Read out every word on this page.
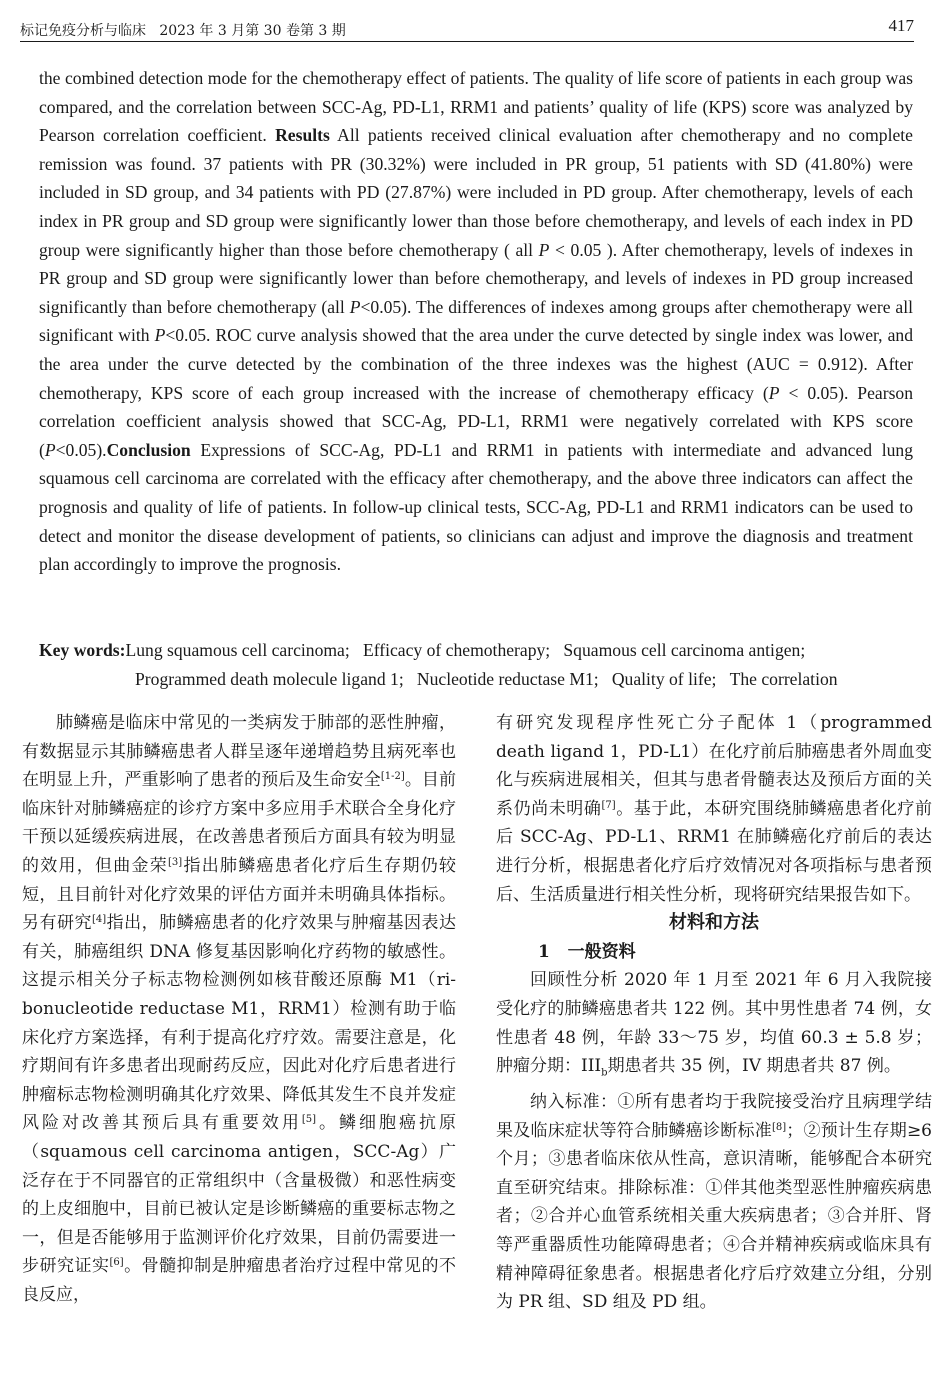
标记免疫分析与临床   2023 年 3 月第 30 卷第 3 期	417
the combined detection mode for the chemotherapy effect of patients. The quality of life score of patients in each group was compared, and the correlation between SCC-Ag, PD-L1, RRM1 and patients’ quality of life (KPS) score was analyzed by Pearson correlation coefficient. Results All patients received clinical evaluation after chemotherapy and no complete remission was found. 37 patients with PR (30.32%) were included in PR group, 51 patients with SD (41.80%) were included in SD group, and 34 patients with PD (27.87%) were included in PD group. After chemotherapy, levels of each index in PR group and SD group were significantly lower than those before chemotherapy, and levels of each index in PD group were significantly higher than those before chemotherapy ( all P < 0.05 ). After chemotherapy, levels of indexes in PR group and SD group were significantly lower than before chemotherapy, and levels of indexes in PD group increased significantly than before chemotherapy (all P<0.05). The differences of indexes among groups after chemotherapy were all significant with P<0.05. ROC curve analysis showed that the area under the curve detected by single index was lower, and the area under the curve detected by the combination of the three indexes was the highest (AUC = 0.912). After chemotherapy, KPS score of each group increased with the increase of chemotherapy efficacy (P < 0.05). Pearson correlation coefficient analysis showed that SCC-Ag, PD-L1, RRM1 were negatively correlated with KPS score (P<0.05).Conclusion Expressions of SCC-Ag, PD-L1 and RRM1 in patients with intermediate and advanced lung squamous cell carcinoma are correlated with the efficacy after chemotherapy, and the above three indicators can affect the prognosis and quality of life of patients. In follow-up clinical tests, SCC-Ag, PD-L1 and RRM1 indicators can be used to detect and monitor the disease development of patients, so clinicians can adjust and improve the diagnosis and treatment plan accordingly to improve the prognosis.
Key words:Lung squamous cell carcinoma;   Efficacy of chemotherapy;   Squamous cell carcinoma antigen;
Programmed death molecule ligand 1;   Nucleotide reductase M1;   Quality of life;   The correlation

肺鳞癌是临床中常见的一类病发于肺部的恶性肿瘤，有数据显示其肺鳞癌患者人群呈逐年递增趋势且病死率也在明显上升，严重影响了患者的预后及生命安全[1-2]。目前临床针对肺鳞癌症的诊疗方案中多应用手术联合全身化疗干预以延缓疾病进展，在改善患者预后方面具有较为明显的效用，但曲金荣[3]指出肺鳞癌患者化疗后生存期仍较短，且目前针对化疗效果的评估方面并未明确具体指标。另有研究[4]指出，肺鳞癌患者的化疗效果与肿瘤基因表达有关，肺癌组织 DNA 修复基因影响化疗药物的敏感性。这提示相关分子标志物检测例如核苷酸还原酶 M1（ri-bonucleotide reductase M1，RRM1）检测有助于临床化疗方案选择，有利于提高化疗疗效。需要注意是，化疗期间有许多患者出现耐药反应，因此对化疗后患者进行肿瘤标志物检测明确其化疗效果、降低其发生不良并发症风险对改善其预后具有重要效用[5]。鳞细胞癌抗原（squamous cell carcinoma antigen，SCC-Ag）广泛存在于不同器官的正常组织中（含量极微）和恶性病变的上皮细胞中，目前已被认定是诊断鳞癌的重要标志物之一，但是否能够用于监测评价化疗效果，目前仍需要进一步研究证实[6]。骨髓抑制是肿瘤患者治疗过程中常见的不良反应，

有研究发现程序性死亡分子配体 1（programmed death ligand 1，PD-L1）在化疗前后肺癌患者外周血变化与疾病进展相关，但其与患者骨髓表达及预后方面的关系仍尚未明确[7]。基于此，本研究围绕肺鳞癌患者化疗前后 SCC-Ag、PD-L1、RRM1 在肺鳞癌化疗前后的表达进行分析，根据患者化疗后疗效情况对各项指标与患者预后、生活质量进行相关性分析，现将研究结果报告如下。

材料和方法

1   一般资料

回顾性分析 2020 年 1 月至 2021 年 6 月入我院接受化疗的肺鳞癌患者共 122 例。其中男性患者 74 例，女性患者 48 例，年龄 33～75 岁，均值 60.3 ± 5.8 岁；肿瘤分期：$III_b$期患者共 35 例，IV 期患者共 87 例。

纳入标准：①所有患者均于我院接受治疗且病理学结果及临床症状等符合肺鳞癌诊断标准[8]；②预计生存期≥6 个月；③患者临床依从性高，意识清晰，能够配合本研究直至研究结束。排除标准：①伴其他类型恶性肿瘤疾病患者；②合并心血管系统相关重大疾病患者；③合并肝、肾等严重器质性功能障碍患者；④合并精神疾病或临床具有精神障碍征象患者。根据患者化疗后疗效建立分组，分别为 PR 组、SD 组及 PD 组。
